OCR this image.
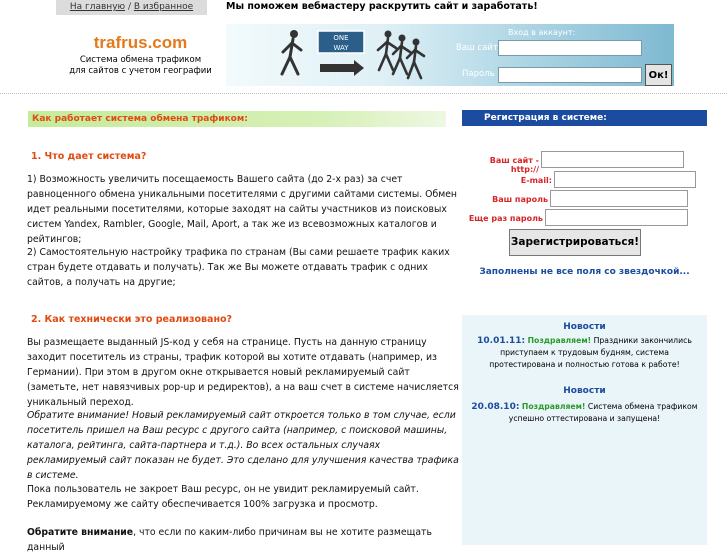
На главную / В избранное	Мы поможем вебмастеру раскрутить сайт и заработать!
trafrus.com
Система обмена трафиком
для сайтов с учетом географии
ONE
WAY
Вход в аккаунт:
Ваш сайт
Пароль	Ок!
Как работает система обмена трафиком:
1. Что дает система?
1) Возможность увеличить посещаемость Вашего сайта (до 2-х раз) за счет равноценного обмена уникальными посетителями с другими сайтами системы. Обмен идет реальными посетителями, которые заходят на сайты участников из поисковых систем Yandex, Rambler, Google, Mail, Aport, а так же из всевозможных каталогов и рейтингов;
2) Самостоятельную настройку трафика по странам (Вы сами решаете трафик каких стран будете отдавать и получать). Так же Вы можете отдавать трафик с одних сайтов, а получать на другие;
2. Как технически это реализовано?
Вы размещаете выданный JS-код у себя на странице. Пусть на данную страницу заходит посетитель из страны, трафик которой вы хотите отдавать (например, из Германии). При этом в другом окне открывается новый рекламируемый сайт (заметьте, нет навязчивых pop-up и редиректов), а на ваш счет в системе начисляется уникальный переход.
Обратите внимание! Новый рекламируемый сайт откроется только в том случае, если посетитель пришел на Ваш ресурс с другого сайта (например, с поисковой машины, каталога, рейтинга, сайта-партнера и т.д.). Во всех остальных случаях рекламируемый сайт показан не будет. Это сделано для улучшения качества трафика в системе.
Пока пользователь не закроет Ваш ресурс, он не увидит рекламируемый сайт. Рекламируемому же сайту обеспечивается 100% загрузка и просмотр.
Обратите внимание, что если по каким-либо причинам вы не хотите размещать данный
Регистрация в системе:
Ваш сайт - http://
E-mail:
Ваш пароль
Еще раз пароль
Зарегистрироваться!
Заполнены не все поля со звездочкой...
Новости
10.01.11: Поздравляем! Праздники закончились приступаем к трудовым будням, система протестирована и полностью готова к работе!
Новости
20.08.10: Поздравляем! Система обмена трафиком успешно оттестирована и запущена!
